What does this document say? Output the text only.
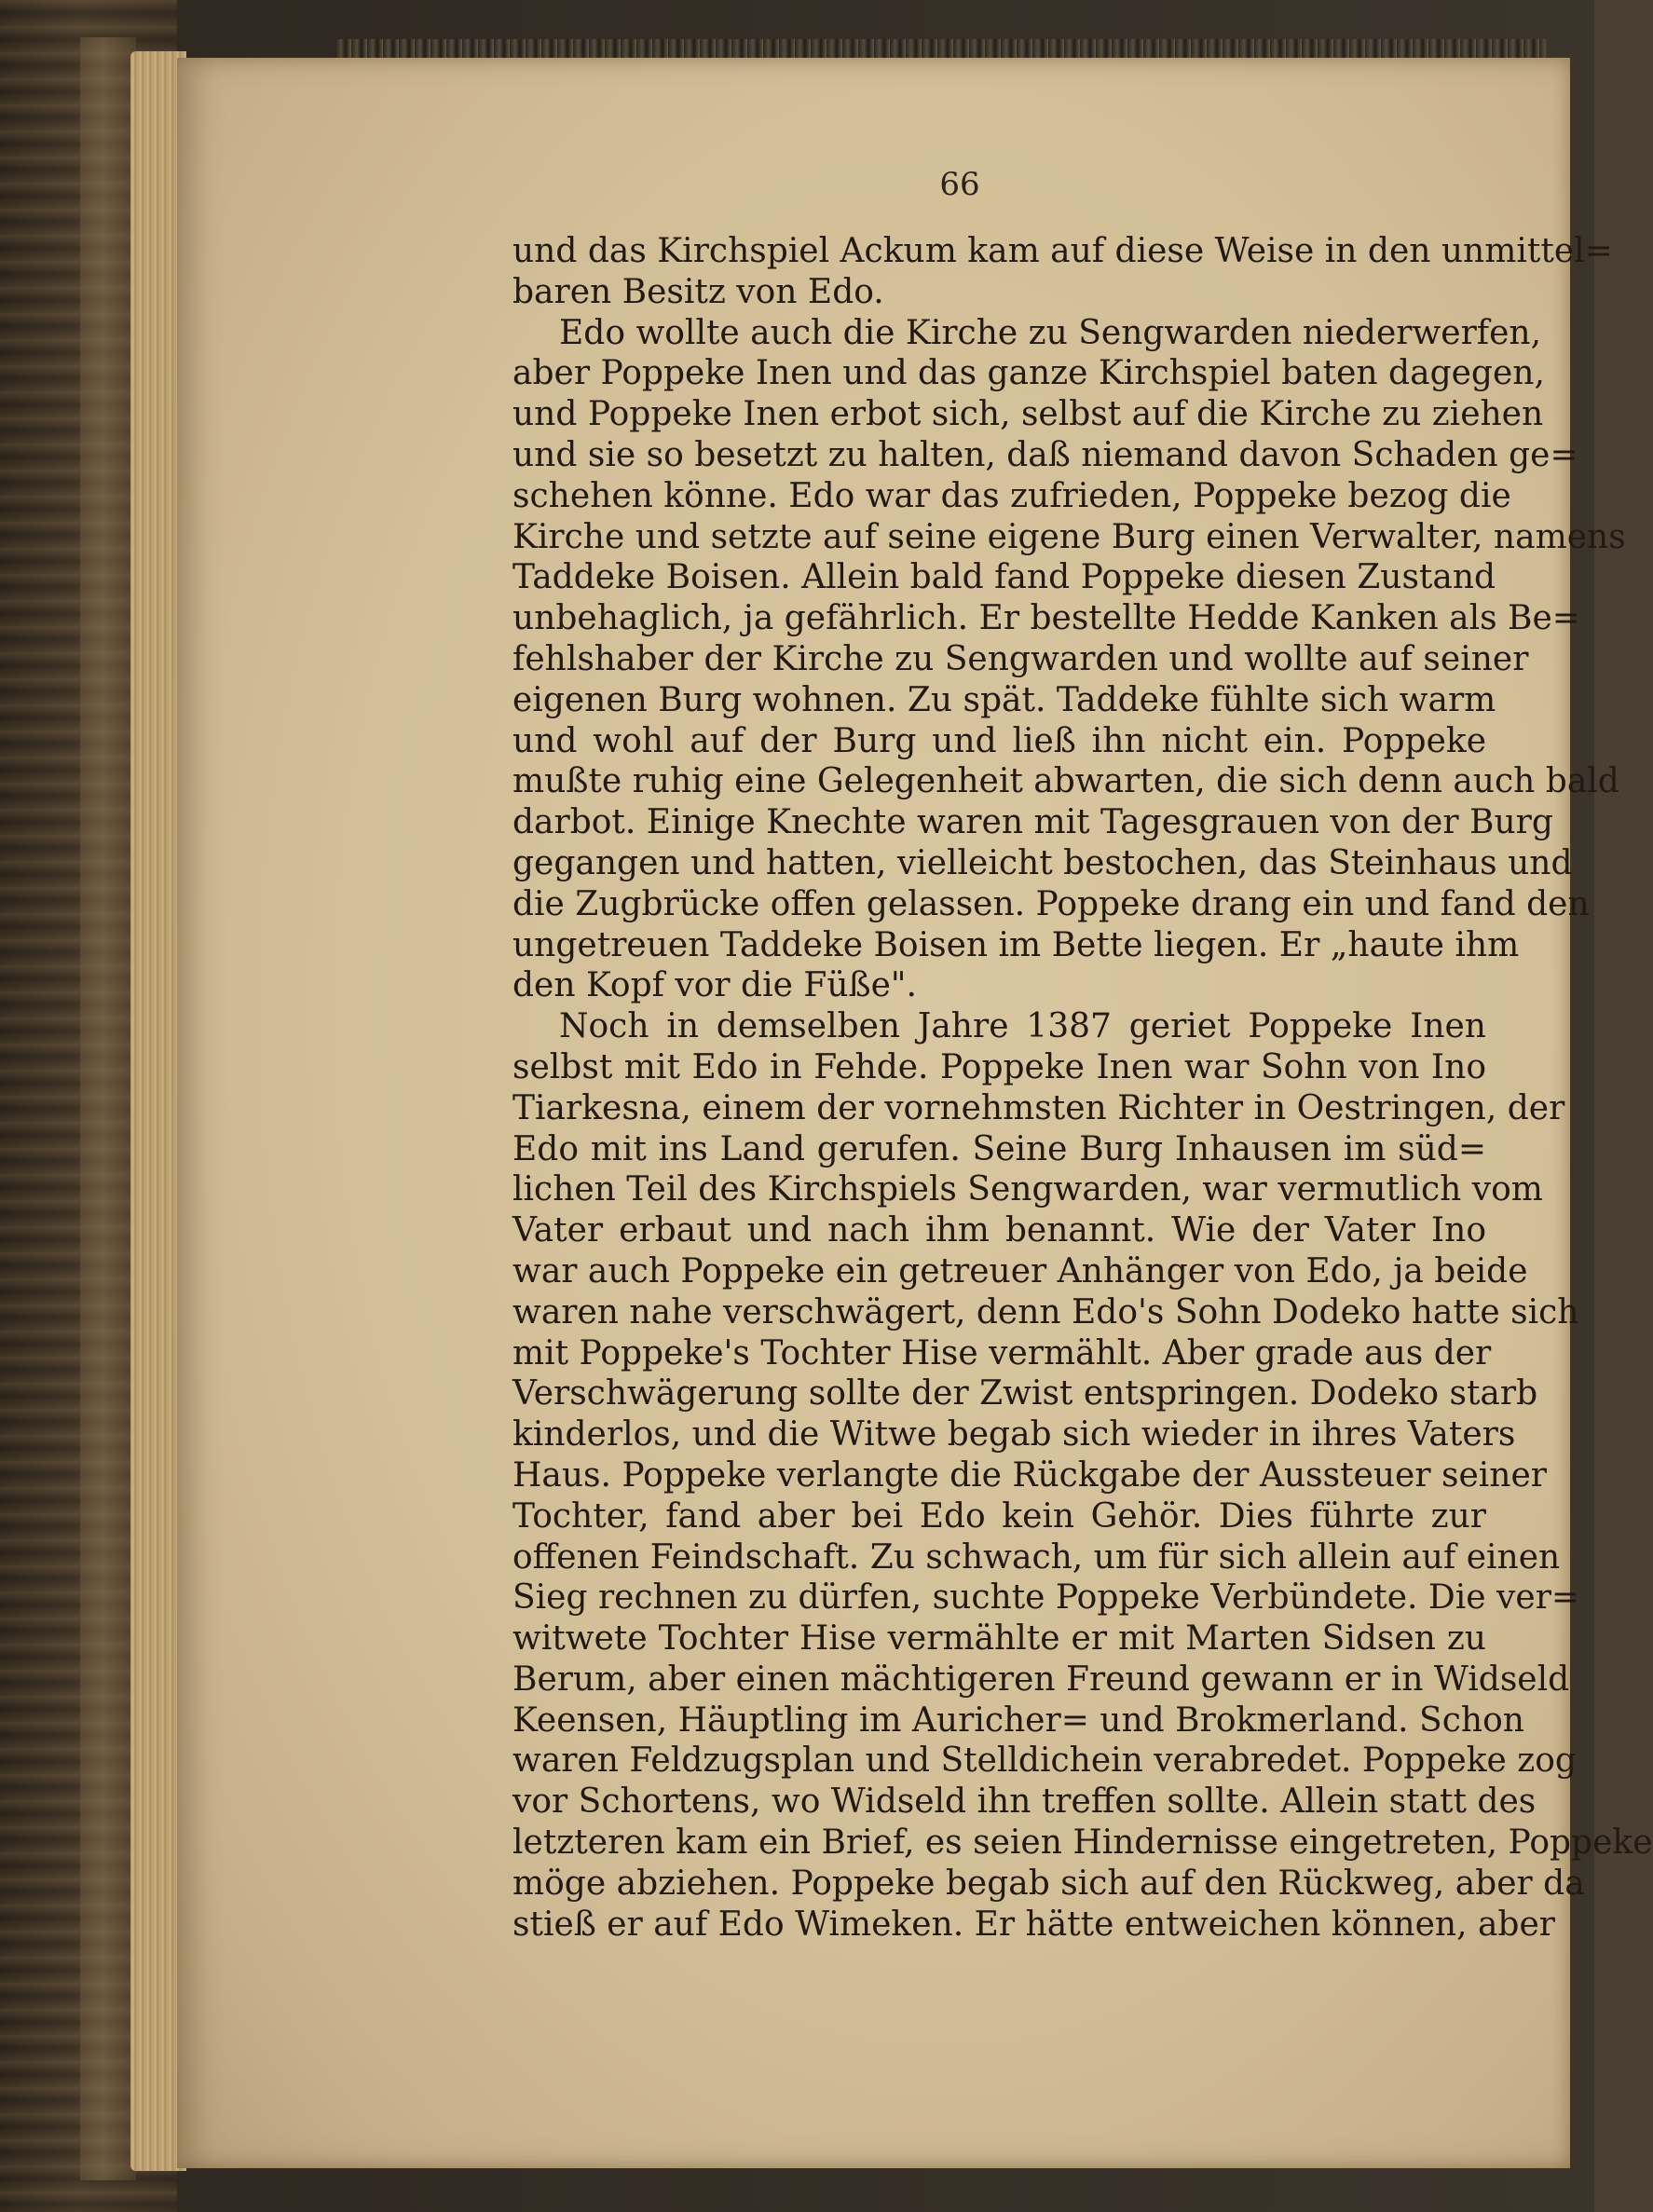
66
und das Kirchspiel Ackum kam auf diese Weise in den unmittel=
baren Besitz von Edo.
Edo wollte auch die Kirche zu Sengwarden niederwerfen,
aber Poppeke Inen und das ganze Kirchspiel baten dagegen,
und Poppeke Inen erbot sich, selbst auf die Kirche zu ziehen
und sie so besetzt zu halten, daß niemand davon Schaden ge=
schehen könne. Edo war das zufrieden, Poppeke bezog die
Kirche und setzte auf seine eigene Burg einen Verwalter, namens
Taddeke Boisen. Allein bald fand Poppeke diesen Zustand
unbehaglich, ja gefährlich. Er bestellte Hedde Kanken als Be=
fehlshaber der Kirche zu Sengwarden und wollte auf seiner
eigenen Burg wohnen. Zu spät. Taddeke fühlte sich warm
und wohl auf der Burg und ließ ihn nicht ein. Poppeke
mußte ruhig eine Gelegenheit abwarten, die sich denn auch bald
darbot. Einige Knechte waren mit Tagesgrauen von der Burg
gegangen und hatten, vielleicht bestochen, das Steinhaus und
die Zugbrücke offen gelassen. Poppeke drang ein und fand den
ungetreuen Taddeke Boisen im Bette liegen. Er „haute ihm
den Kopf vor die Füße".
Noch in demselben Jahre 1387 geriet Poppeke Inen
selbst mit Edo in Fehde. Poppeke Inen war Sohn von Ino
Tiarkesna, einem der vornehmsten Richter in Oestringen, der
Edo mit ins Land gerufen. Seine Burg Inhausen im süd=
lichen Teil des Kirchspiels Sengwarden, war vermutlich vom
Vater erbaut und nach ihm benannt. Wie der Vater Ino
war auch Poppeke ein getreuer Anhänger von Edo, ja beide
waren nahe verschwägert, denn Edo's Sohn Dodeko hatte sich
mit Poppeke's Tochter Hise vermählt. Aber grade aus der
Verschwägerung sollte der Zwist entspringen. Dodeko starb
kinderlos, und die Witwe begab sich wieder in ihres Vaters
Haus. Poppeke verlangte die Rückgabe der Aussteuer seiner
Tochter, fand aber bei Edo kein Gehör. Dies führte zur
offenen Feindschaft. Zu schwach, um für sich allein auf einen
Sieg rechnen zu dürfen, suchte Poppeke Verbündete. Die ver=
witwete Tochter Hise vermählte er mit Marten Sidsen zu
Berum, aber einen mächtigeren Freund gewann er in Widseld
Keensen, Häuptling im Auricher= und Brokmerland. Schon
waren Feldzugsplan und Stelldichein verabredet. Poppeke zog
vor Schortens, wo Widseld ihn treffen sollte. Allein statt des
letzteren kam ein Brief, es seien Hindernisse eingetreten, Poppeke
möge abziehen. Poppeke begab sich auf den Rückweg, aber da
stieß er auf Edo Wimeken. Er hätte entweichen können, aber
